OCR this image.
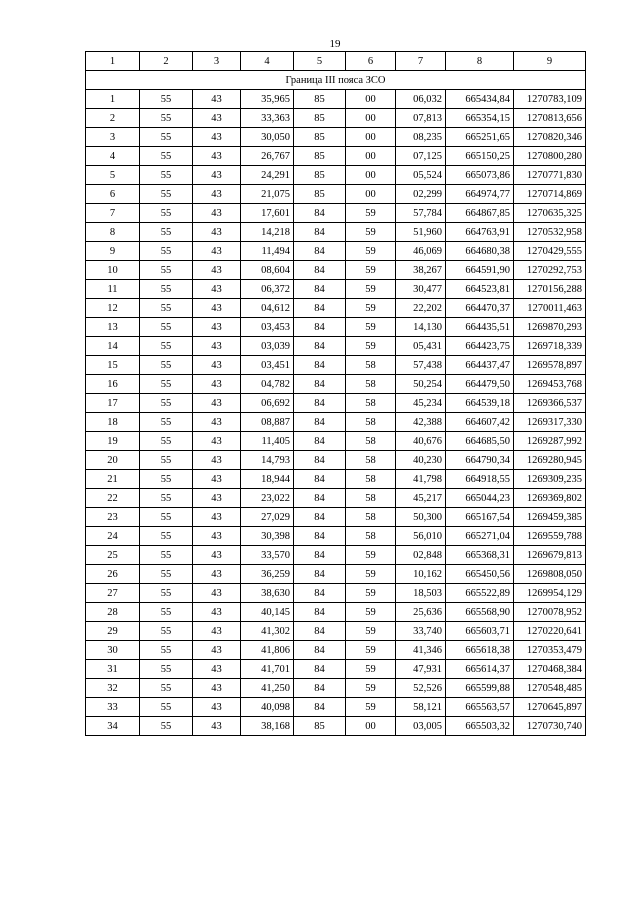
19
1	2	3	4	5	6	7	8	9
Граница III пояса ЗСО								
1	55	43	35,965	85	00	06,032	665434,84	1270783,109
2	55	43	33,363	85	00	07,813	665354,15	1270813,656
3	55	43	30,050	85	00	08,235	665251,65	1270820,346
4	55	43	26,767	85	00	07,125	665150,25	1270800,280
5	55	43	24,291	85	00	05,524	665073,86	1270771,830
6	55	43	21,075	85	00	02,299	664974,77	1270714,869
7	55	43	17,601	84	59	57,784	664867,85	1270635,325
8	55	43	14,218	84	59	51,960	664763,91	1270532,958
9	55	43	11,494	84	59	46,069	664680,38	1270429,555
10	55	43	08,604	84	59	38,267	664591,90	1270292,753
11	55	43	06,372	84	59	30,477	664523,81	1270156,288
12	55	43	04,612	84	59	22,202	664470,37	1270011,463
13	55	43	03,453	84	59	14,130	664435,51	1269870,293
14	55	43	03,039	84	59	05,431	664423,75	1269718,339
15	55	43	03,451	84	58	57,438	664437,47	1269578,897
16	55	43	04,782	84	58	50,254	664479,50	1269453,768
17	55	43	06,692	84	58	45,234	664539,18	1269366,537
18	55	43	08,887	84	58	42,388	664607,42	1269317,330
19	55	43	11,405	84	58	40,676	664685,50	1269287,992
20	55	43	14,793	84	58	40,230	664790,34	1269280,945
21	55	43	18,944	84	58	41,798	664918,55	1269309,235
22	55	43	23,022	84	58	45,217	665044,23	1269369,802
23	55	43	27,029	84	58	50,300	665167,54	1269459,385
24	55	43	30,398	84	58	56,010	665271,04	1269559,788
25	55	43	33,570	84	59	02,848	665368,31	1269679,813
26	55	43	36,259	84	59	10,162	665450,56	1269808,050
27	55	43	38,630	84	59	18,503	665522,89	1269954,129
28	55	43	40,145	84	59	25,636	665568,90	1270078,952
29	55	43	41,302	84	59	33,740	665603,71	1270220,641
30	55	43	41,806	84	59	41,346	665618,38	1270353,479
31	55	43	41,701	84	59	47,931	665614,37	1270468,384
32	55	43	41,250	84	59	52,526	665599,88	1270548,485
33	55	43	40,098	84	59	58,121	665563,57	1270645,897
34	55	43	38,168	85	00	03,005	665503,32	1270730,740
